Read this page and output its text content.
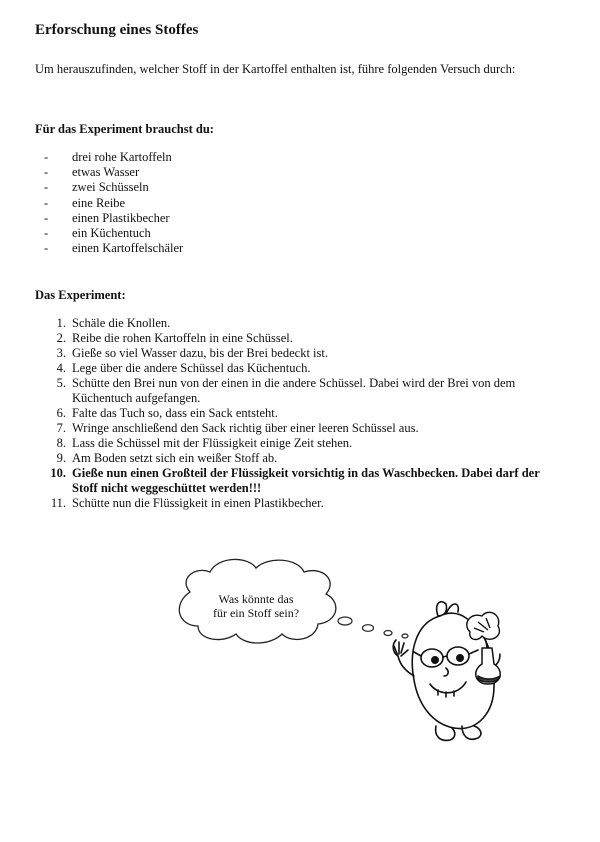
Erforschung eines Stoffes

Um herauszufinden, welcher Stoff in der Kartoffel enthalten ist, führe folgenden Versuch durch:

Für das Experiment brauchst du:

- drei rohe Kartoffeln
- etwas Wasser
- zwei Schüsseln
- eine Reibe
- einen Plastikbecher
- ein Küchentuch
- einen Kartoffelschäler

Das Experiment:

1. Schäle die Knollen.
2. Reibe die rohen Kartoffeln in eine Schüssel.
3. Gieße so viel Wasser dazu, bis der Brei bedeckt ist.
4. Lege über die andere Schüssel das Küchentuch.
5. Schütte den Brei nun von der einen in die andere Schüssel. Dabei wird der Brei von dem Küchentuch aufgefangen.
6. Falte das Tuch so, dass ein Sack entsteht.
7. Wringe anschließend den Sack richtig über einer leeren Schüssel aus.
8. Lass die Schüssel mit der Flüssigkeit einige Zeit stehen.
9. Am Boden setzt sich ein weißer Stoff ab.
10. Gieße nun einen Großteil der Flüssigkeit vorsichtig in das Waschbecken. Dabei darf der Stoff nicht weggeschüttet werden!!!
11. Schütte nun die Flüssigkeit in einen Plastikbecher.
Was könnte das
für ein Stoff sein?
